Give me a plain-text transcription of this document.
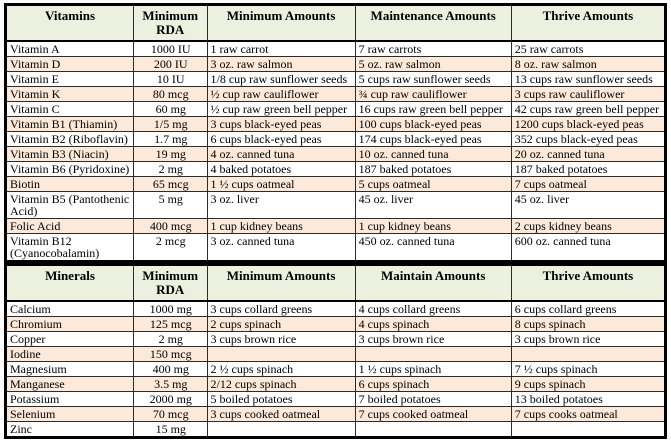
Vitamins	Minimum RDA	Minimum Amounts	Maintenance Amounts	Thrive Amounts
Vitamin A	1000 IU	1 raw carrot	7 raw carrots	25 raw carrots
Vitamin D	200 IU	3 oz. raw salmon	5 oz. raw salmon	8 oz. raw salmon
Vitamin E	10 IU	1/8 cup raw sunflower seeds	5 cups raw sunflower seeds	13 cups raw sunflower seeds
Vitamin K	80 mcg	½ cup raw cauliflower	¾ cup raw cauliflower	3 cups raw cauliflower
Vitamin C	60 mg	½ cup raw green bell pepper	16 cups raw green bell pepper	42 cups raw green bell pepper
Vitamin B1 (Thiamin)	1/5 mg	3 cups black-eyed peas	100 cups black-eyed peas	1200 cups black-eyed peas
Vitamin B2 (Riboflavin)	1.7 mg	6 cups black-eyed peas	174 cups black-eyed peas	352 cups black-eyed peas
Vitamin B3 (Niacin)	19 mg	4 oz. canned tuna	10 oz. canned tuna	20 oz. canned tuna
Vitamin B6 (Pyridoxine)	2 mg	4 baked potatoes	187 baked potatoes	187 baked potatoes
Biotin	65 mcg	1 ½ cups oatmeal	5 cups oatmeal	7 cups oatmeal
Vitamin B5 (Pantothenic Acid)	5 mg	3 oz. liver	45 oz. liver	45 oz. liver
Folic Acid	400 mcg	1 cup kidney beans	1 cup kidney beans	2 cups kidney beans
Vitamin B12 (Cyanocobalamin)	2 mcg	3 oz. canned tuna	450 oz. canned tuna	600 oz. canned tuna
Minerals	Minimum RDA	Minimum Amounts	Maintain Amounts	Thrive Amounts
Calcium	1000 mg	3 cups collard greens	4 cups collard greens	6 cups collard greens
Chromium	125 mcg	2 cups spinach	4 cups spinach	8 cups spinach
Copper	2 mg	3 cups brown rice	3 cups brown rice	3 cups brown rice
Iodine	150 mcg			
Magnesium	400 mg	2 ½ cups spinach	1 ½ cups spinach	7 ½ cups spinach
Manganese	3.5 mg	2/12 cups spinach	6 cups spinach	9 cups spinach
Potassium	2000 mg	5 boiled potatoes	7 boiled potatoes	13 boiled potatoes
Selenium	70 mcg	3 cups cooked oatmeal	7 cups cooked oatmeal	7 cups cooks oatmeal
Zinc	15 mg			
